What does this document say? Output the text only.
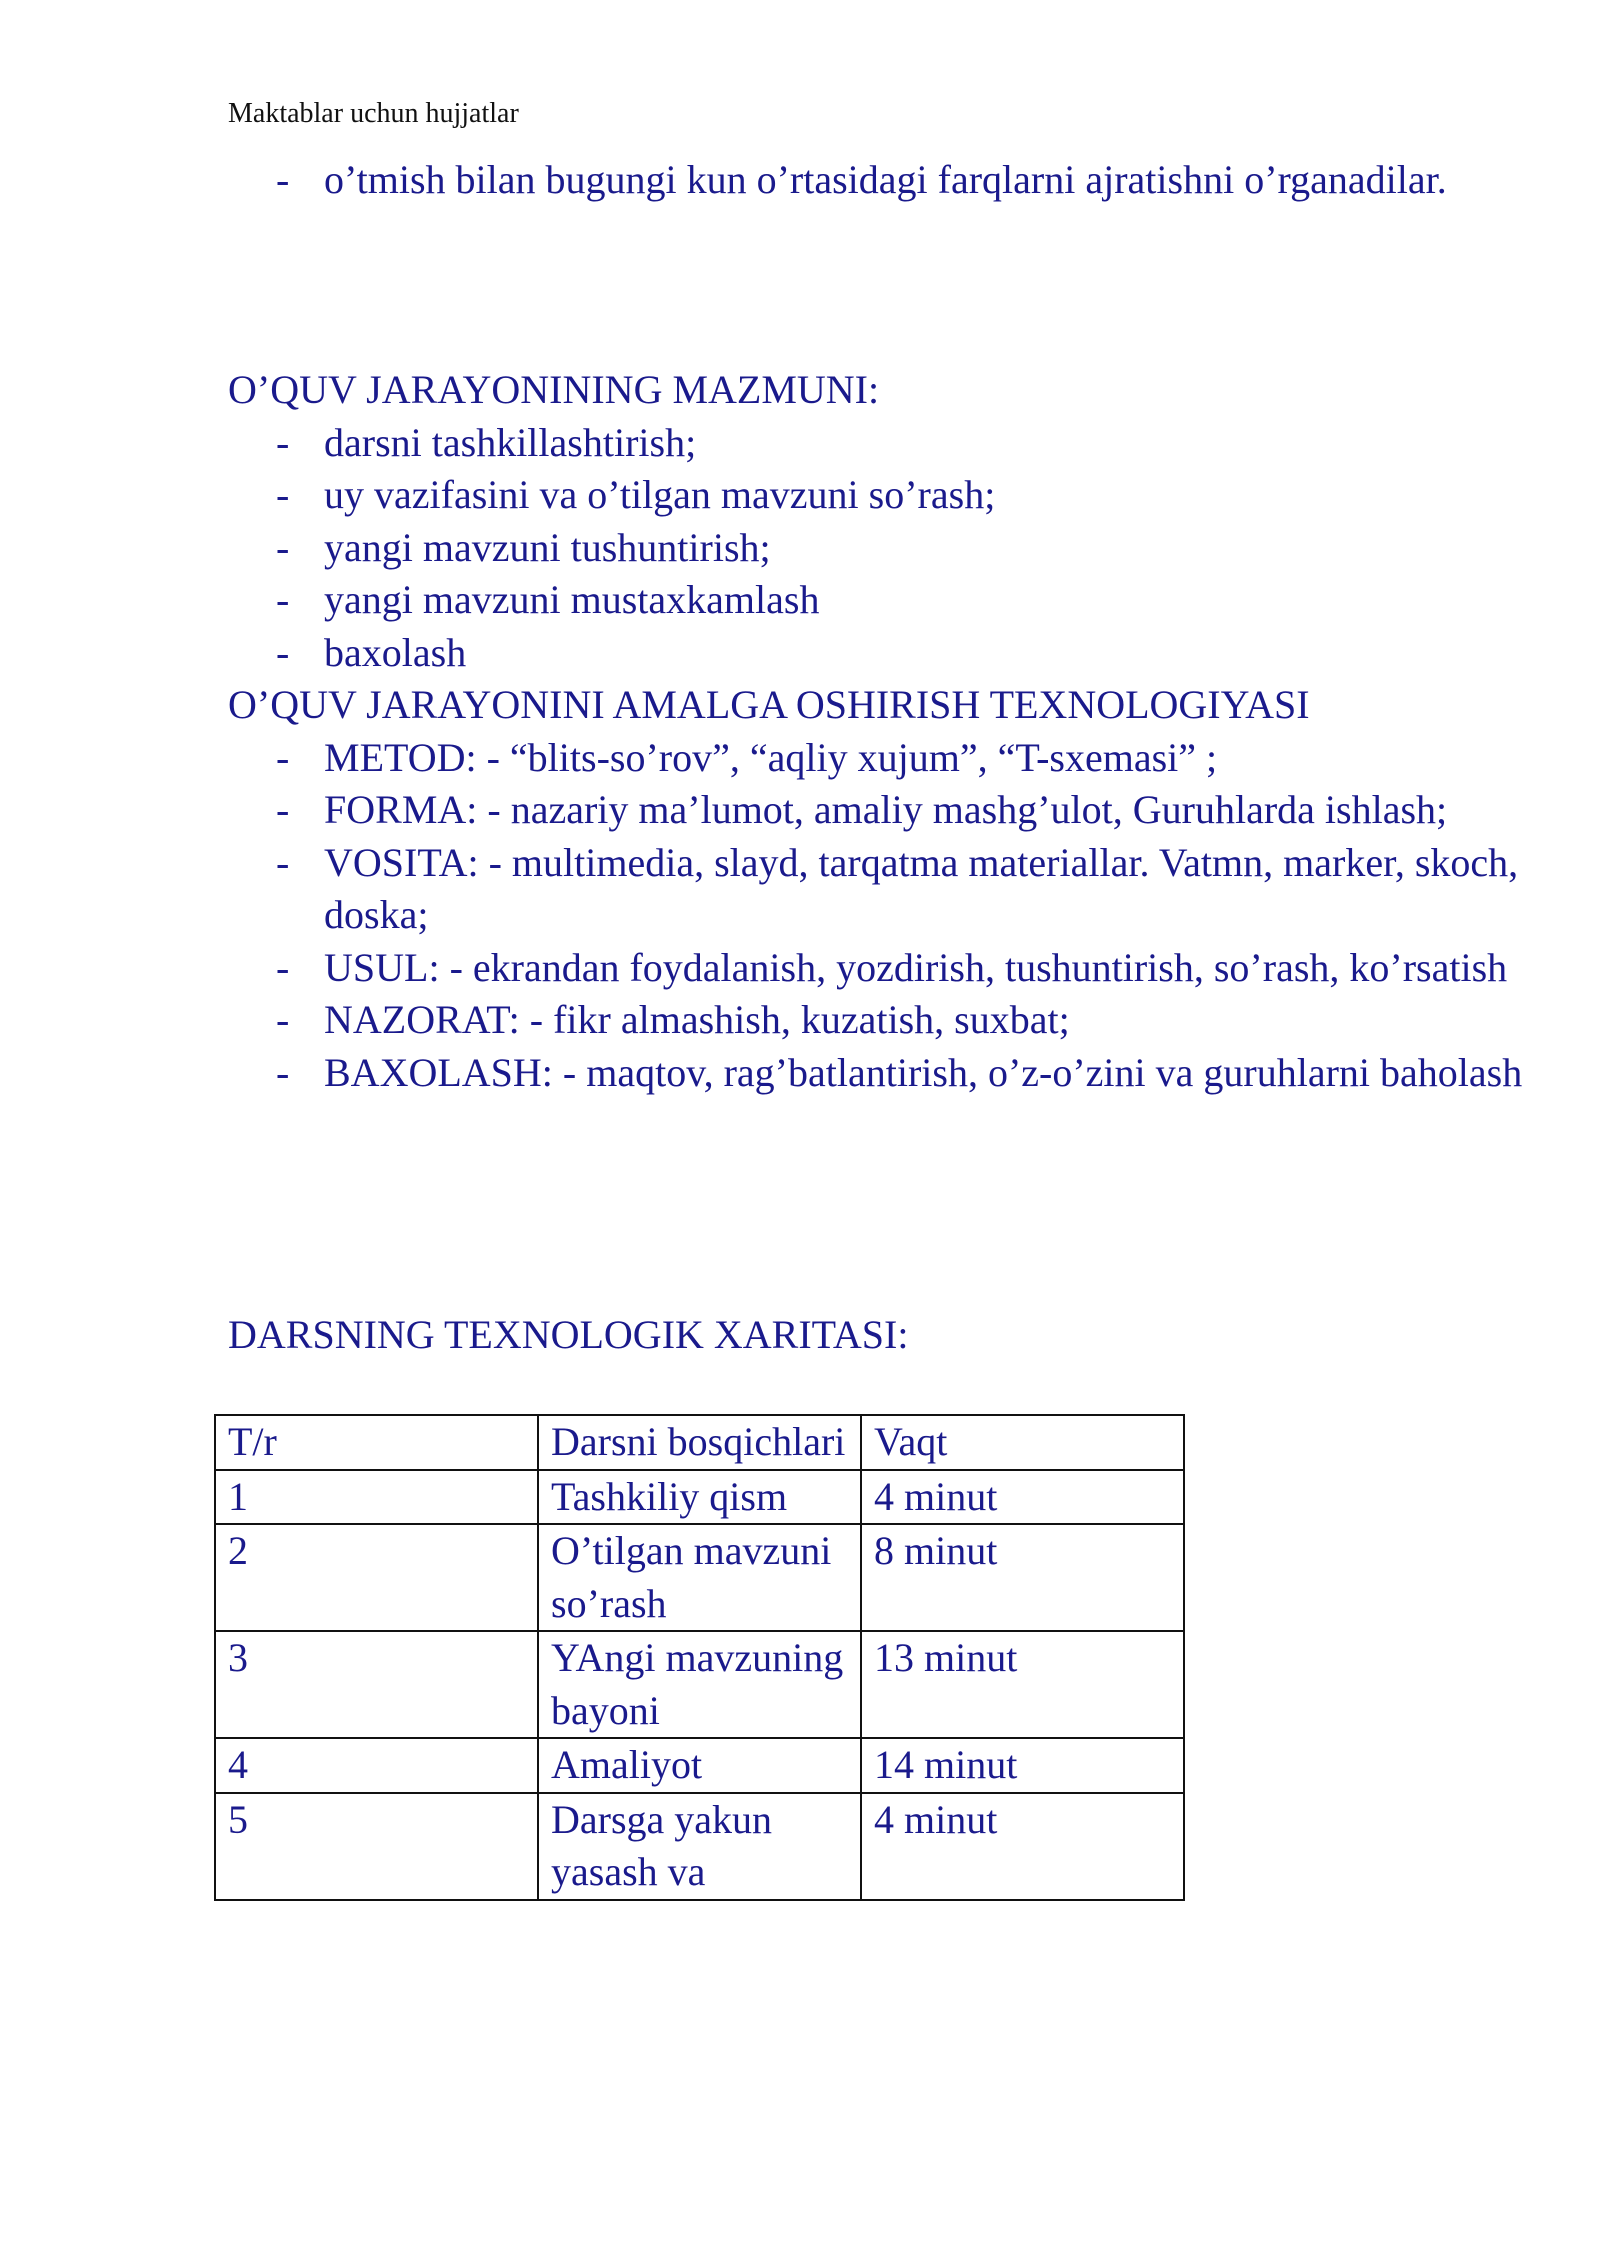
Maktablar uchun hujjatlar
- o’tmish bilan bugungi kun o’rtasidagi farqlarni ajratishni o’rganadilar.
O’QUV JARAYONINING MAZMUNI:
- darsni tashkillashtirish;
- uy vazifasini va o’tilgan mavzuni so’rash;
- yangi mavzuni tushuntirish;
- yangi mavzuni mustaxkamlash
- baxolash
O’QUV JARAYONINI AMALGA OSHIRISH TEXNOLOGIYASI
- METOD: - “blits-so’rov”, “aqliy xujum”, “T-sxemasi” ;
- FORMA: - nazariy ma’lumot, amaliy mashg’ulot, Guruhlarda ishlash;
- VOSITA: - multimedia, slayd, tarqatma materiallar. Vatmn, marker, skoch, doska;
- USUL: - ekrandan foydalanish, yozdirish, tushuntirish, so’rash, ko’rsatish
- NAZORAT: - fikr almashish, kuzatish, suxbat;
- BAXOLASH: - maqtov, rag’batlantirish, o’z-o’zini va guruhlarni baholash
DARSNING TEXNOLOGIK XARITASI:
T/r	Darsni bosqichlari	Vaqt
1	Tashkiliy qism	4 minut
2	O’tilgan mavzuni so’rash	8 minut
3	YAngi mavzuning bayoni	13 minut
4	Amaliyot	14 minut
5	Darsga yakun yasash va	4 minut
